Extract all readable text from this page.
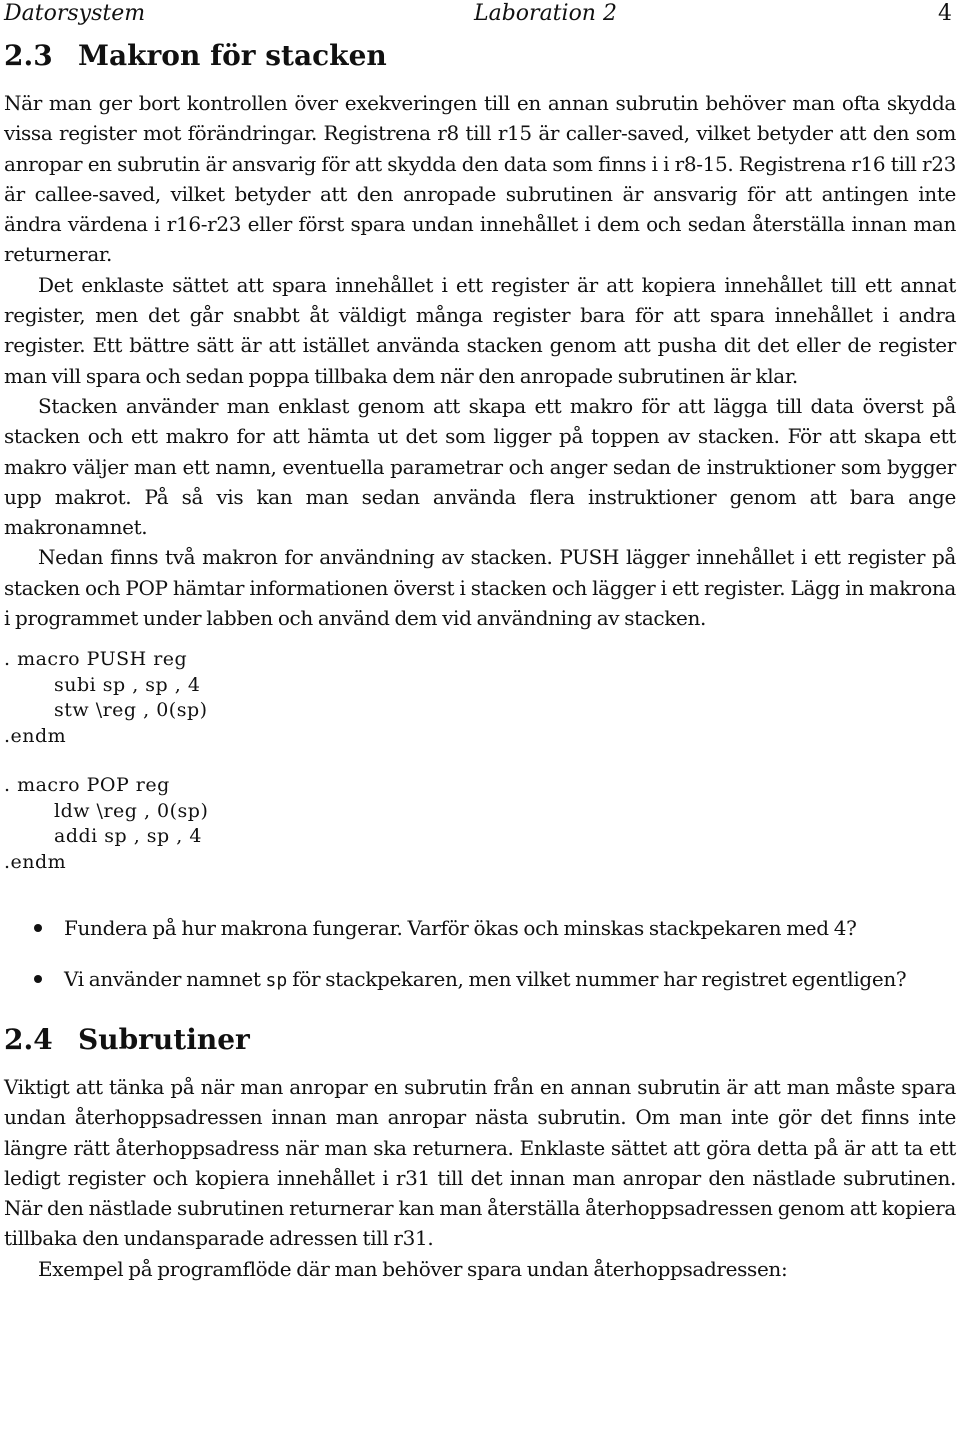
Datorsystem	Laboration 2	4
2.3 Makron för stacken

När man ger bort kontrollen över exekveringen till en annan subrutin behöver man ofta skydda vissa register mot förändringar. Registrena r8 till r15 är caller-saved, vilket betyder att den som anropar en subrutin är ansvarig för att skydda den data som finns i i r8-15. Registrena r16 till r23 är callee-saved, vilket betyder att den anropade subrutinen är ansvarig för att antingen inte ändra värdena i r16-r23 eller först spara undan innehållet i dem och sedan återställa innan man returnerar.

Det enklaste sättet att spara innehållet i ett register är att kopiera innehållet till ett annat register, men det går snabbt åt väldigt många register bara för att spara innehållet i andra register. Ett bättre sätt är att istället använda stacken genom att pusha dit det eller de register man vill spara och sedan poppa tillbaka dem när den anropade subrutinen är klar.

Stacken använder man enklast genom att skapa ett makro för att lägga till data överst på stacken och ett makro for att hämta ut det som ligger på toppen av stacken. För att skapa ett makro väljer man ett namn, eventuella parametrar och anger sedan de instruktioner som bygger upp makrot. På så vis kan man sedan använda flera instruktioner genom att bara ange makronamnet.

Nedan finns två makron for användning av stacken. PUSH lägger innehållet i ett register på stacken och POP hämtar informationen överst i stacken och lägger i ett register. Lägg in makrona i programmet under labben och använd dem vid användning av stacken.

. macro PUSH reg
subi sp , sp , 4
stw \reg , 0(sp)
.endm
. macro POP reg
ldw \reg , 0(sp)
addi sp , sp , 4
.endm
Fundera på hur makrona fungerar. Varför ökas och minskas stackpekaren med 4?
Vi använder namnet sp för stackpekaren, men vilket nummer har registret egentligen?
2.4 Subrutiner

Viktigt att tänka på när man anropar en subrutin från en annan subrutin är att man måste spara undan återhoppsadressen innan man anropar nästa subrutin. Om man inte gör det finns inte längre rätt återhoppsadress när man ska returnera. Enklaste sättet att göra detta på är att ta ett ledigt register och kopiera innehållet i r31 till det innan man anropar den nästlade subrutinen. När den nästlade subrutinen returnerar kan man återställa återhoppsadressen genom att kopiera tillbaka den undansparade adressen till r31.

Exempel på programflöde där man behöver spara undan återhoppsadressen:
